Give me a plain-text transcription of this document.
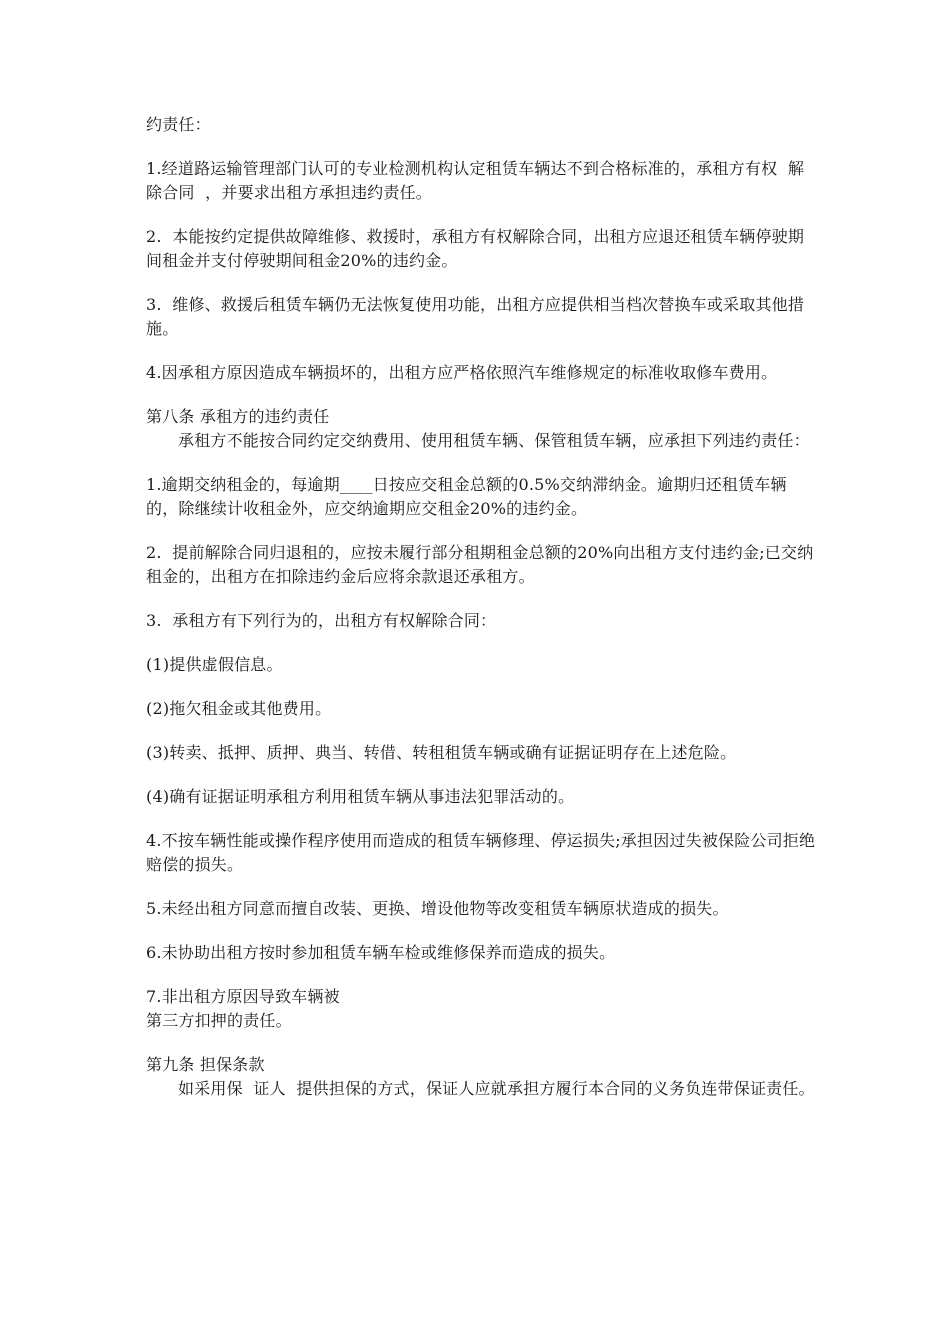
约责任：

1.经道路运输管理部门认可的专业检测机构认定租赁车辆达不到合格标准的，承租方有权  解除合同  ，并要求出租方承担违约责任。

2.  本能按约定提供故障维修、救援时，承租方有权解除合同，出租方应退还租赁车辆停驶期间租金并支付停驶期间租金20%的违约金。

3.  维修、救援后租赁车辆仍无法恢复使用功能，出租方应提供相当档次替换车或采取其他措施。

4.因承租方原因造成车辆损坏的，出租方应严格依照汽车维修规定的标准收取修车费用。

第八条 承租方的违约责任

承租方不能按合同约定交纳费用、使用租赁车辆、保管租赁车辆，应承担下列违约责任：

1.逾期交纳租金的，每逾期____日按应交租金总额的0.5%交纳滞纳金。逾期归还租赁车辆的，除继续计收租金外，应交纳逾期应交租金20%的违约金。

2.  提前解除合同归退租的，应按未履行部分租期租金总额的20%向出租方支付违约金;已交纳租金的，出租方在扣除违约金后应将余款退还承租方。

3.  承租方有下列行为的，出租方有权解除合同：

(1)提供虚假信息。

(2)拖欠租金或其他费用。

(3)转卖、抵押、质押、典当、转借、转租租赁车辆或确有证据证明存在上述危险。

(4)确有证据证明承租方利用租赁车辆从事违法犯罪活动的。

4.不按车辆性能或操作程序使用而造成的租赁车辆修理、停运损失;承担因过失被保险公司拒绝赔偿的损失。

5.未经出租方同意而擅自改装、更换、增设他物等改变租赁车辆原状造成的损失。

6.未协助出租方按时参加租赁车辆车检或维修保养而造成的损失。

7.非出租方原因导致车辆被

第三方扣押的责任。

第九条 担保条款

如采用保  证人  提供担保的方式，保证人应就承担方履行本合同的义务负连带保证责任。
